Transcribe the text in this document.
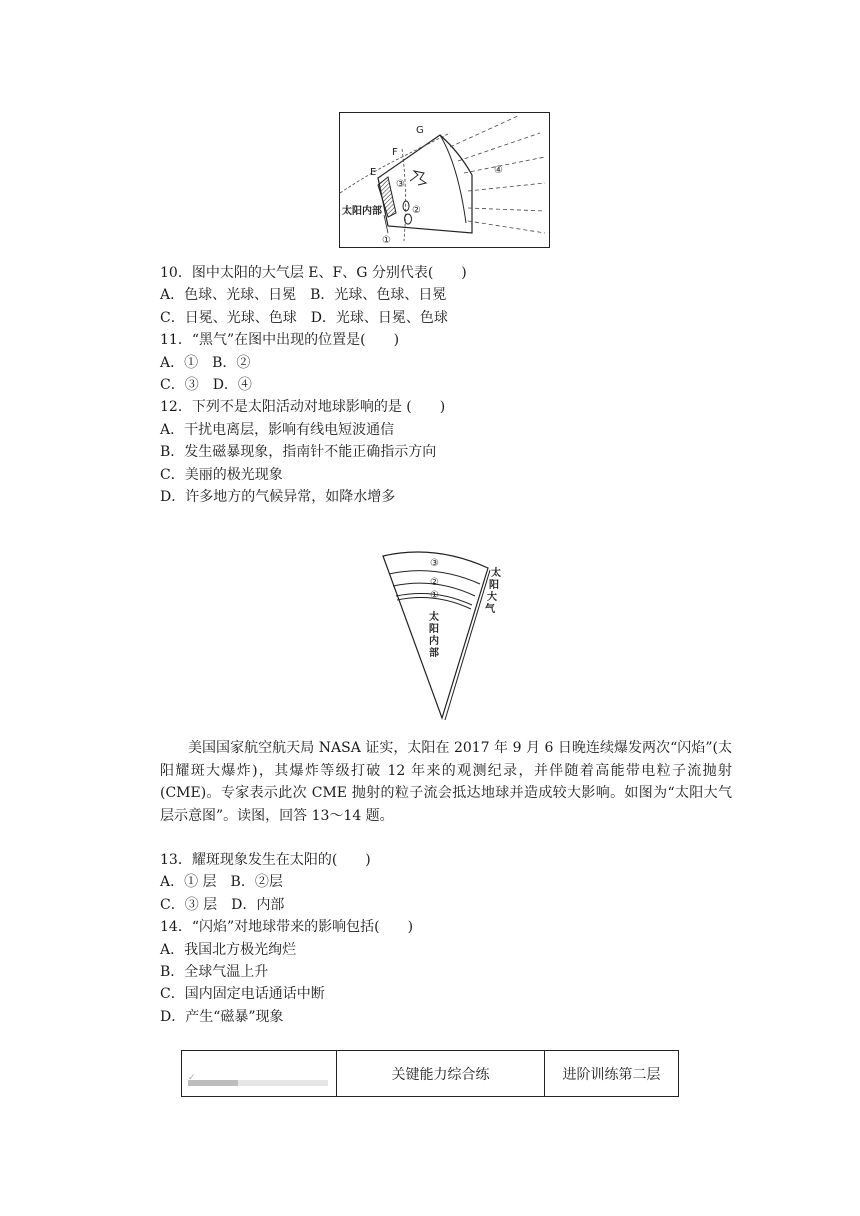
G
F
E
③
②
④
①
太阳内部
10．图中太阳的大气层 E、F、G 分别代表(　　)
A．色球、光球、日冕　B．光球、色球、日冕
C．日冕、光球、色球　D．光球、日冕、色球
11．“黑气”在图中出现的位置是(　　)
A．①　B．②
C．③　D．④
12．下列不是太阳活动对地球影响的是 (　　)
A．干扰电离层，影响有线电短波通信
B．发生磁暴现象，指南针不能正确指示方向
C．美丽的极光现象
D．许多地方的气候异常，如降水增多
③
②
①
太
阳
内
部
太
阳
大
气
美国国家航空航天局 NASA 证实，太阳在 2017 年 9 月 6 日晚连续爆发两次“闪焰”(太阳耀斑大爆炸)，其爆炸等级打破 12 年来的观测纪录，并伴随着高能带电粒子流抛射(CME)。专家表示此次 CME 抛射的粒子流会抵达地球并造成较大影响。如图为“太阳大气层示意图”。读图，回答 13～14 题。
13．耀斑现象发生在太阳的(　　)
A．① 层　B．②层
C．③ 层　D．内部
14．“闪焰”对地球带来的影响包括(　　)
A．我国北方极光绚烂
B．全球气温上升
C．国内固定电话通话中断
D．产生“磁暴”现象
✓	关键能力综合练	进阶训练第二层
